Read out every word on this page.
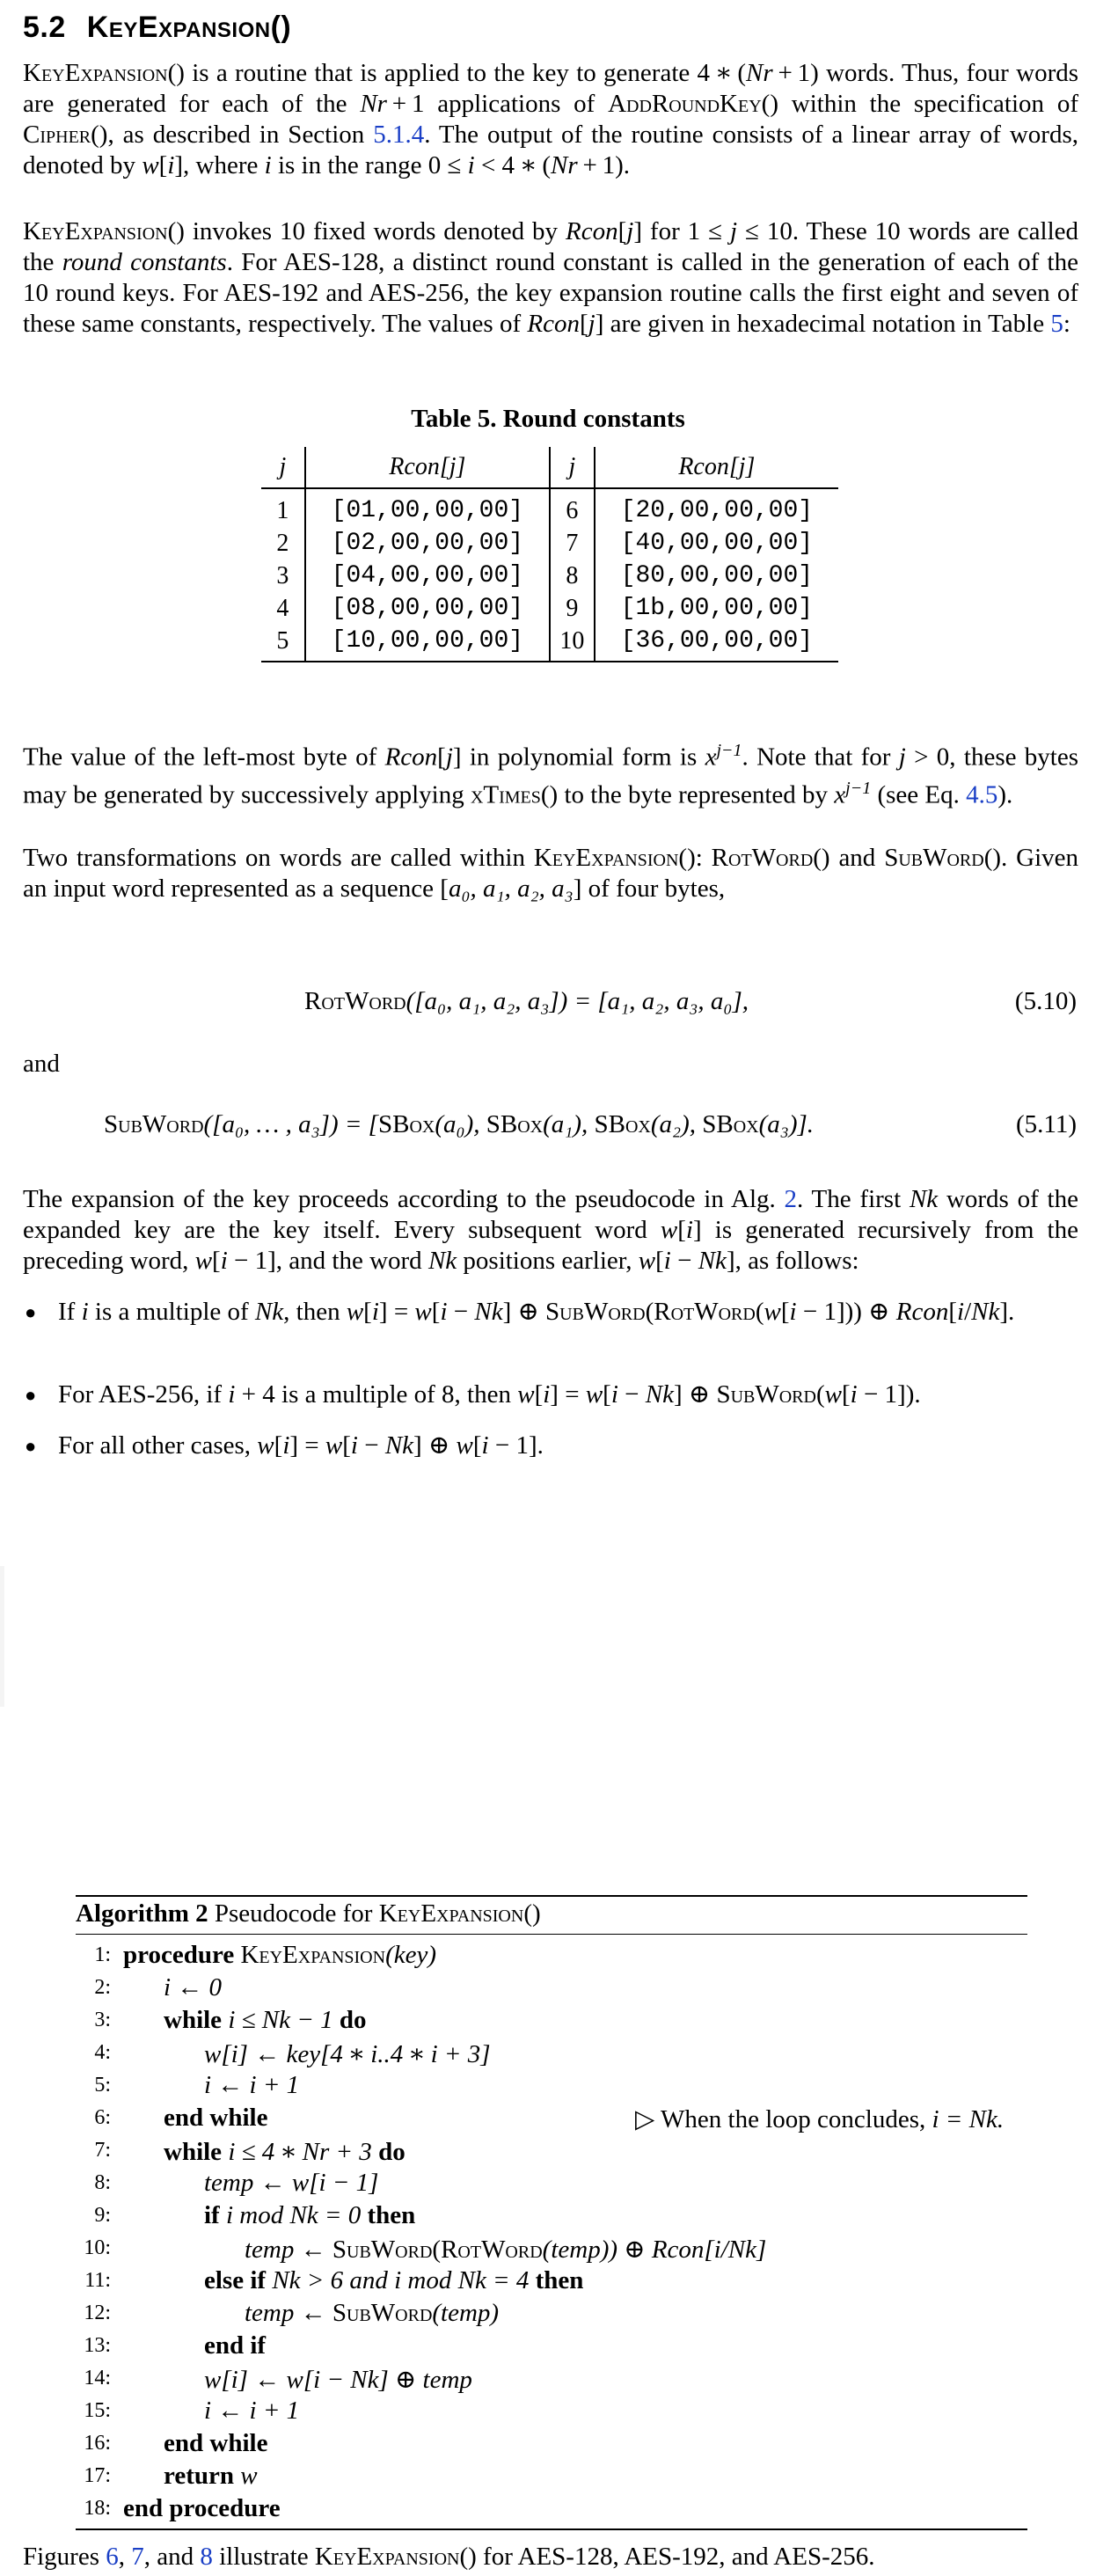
5.2 KeyExpansion()
KeyExpansion() is a routine that is applied to the key to generate 4 ∗ (Nr + 1) words. Thus, four words are generated for each of the Nr + 1 applications of AddRoundKey() within the specification of Cipher(), as described in Section 5.1.4. The output of the routine consists of a linear array of words, denoted by w[i], where i is in the range 0 ≤ i < 4 ∗ (Nr + 1).
KeyExpansion() invokes 10 fixed words denoted by Rcon[j] for 1 ≤ j ≤ 10. These 10 words are called the round constants. For AES-128, a distinct round constant is called in the generation of each of the 10 round keys. For AES-192 and AES-256, the key expansion routine calls the first eight and seven of these same constants, respectively. The values of Rcon[j] are given in hexadecimal notation in Table 5:
Table 5. Round constants
j	Rcon[j]	j	Rcon[j]
1	[01,00,00,00]	6	[20,00,00,00]
2	[02,00,00,00]	7	[40,00,00,00]
3	[04,00,00,00]	8	[80,00,00,00]
4	[08,00,00,00]	9	[1b,00,00,00]
5	[10,00,00,00]	10	[36,00,00,00]
The value of the left-most byte of Rcon[j] in polynomial form is $x^{j-1}$. Note that for j > 0, these bytes may be generated by successively applying xTimes() to the byte represented by $x^{j-1}$ (see Eq. 4.5).
Two transformations on words are called within KeyExpansion(): RotWord() and SubWord(). Given an input word represented as a sequence [a₀, a₁, a₂, a₃] of four bytes,
RotWord([a₀, a₁, a₂, a₃]) = [a₁, a₂, a₃, a₀],	(5.10)
and
SubWord([a₀, … , a₃]) = [SBox(a₀), SBox(a₁), SBox(a₂), SBox(a₃)].	(5.11)
The expansion of the key proceeds according to the pseudocode in Alg. 2. The first Nk words of the expanded key are the key itself. Every subsequent word w[i] is generated recursively from the preceding word, w[i − 1], and the word Nk positions earlier, w[i − Nk], as follows:
● If i is a multiple of Nk, then w[i] = w[i − Nk] ⊕ SubWord(RotWord(w[i − 1])) ⊕ Rcon[i/Nk].
● For AES-256, if i + 4 is a multiple of 8, then w[i] = w[i − Nk] ⊕ SubWord(w[i − 1]).
● For all other cases, w[i] = w[i − Nk] ⊕ w[i − 1].
Algorithm 2 Pseudocode for KeyExpansion()
1: procedure KeyExpansion(key)
2: i ← 0
3: while i ≤ Nk − 1 do
4:	w[i] ← key[4 ∗ i..4 ∗ i + 3]
5:	i ← i + 1
6: end while	▷ When the loop concludes, i = Nk.
7: while i ≤ 4 ∗ Nr + 3 do
8:	temp ← w[i − 1]
9:	if i mod Nk = 0 then
10:	temp ← SubWord(RotWord(temp)) ⊕ Rcon[i/Nk]
11:	else if Nk > 6 and i mod Nk = 4 then
12:	temp ← SubWord(temp)
13:	end if
14:	w[i] ← w[i − Nk] ⊕ temp
15:	i ← i + 1
16: end while
17: return w
18: end procedure
Figures 6, 7, and 8 illustrate KeyExpansion() for AES-128, AES-192, and AES-256.
